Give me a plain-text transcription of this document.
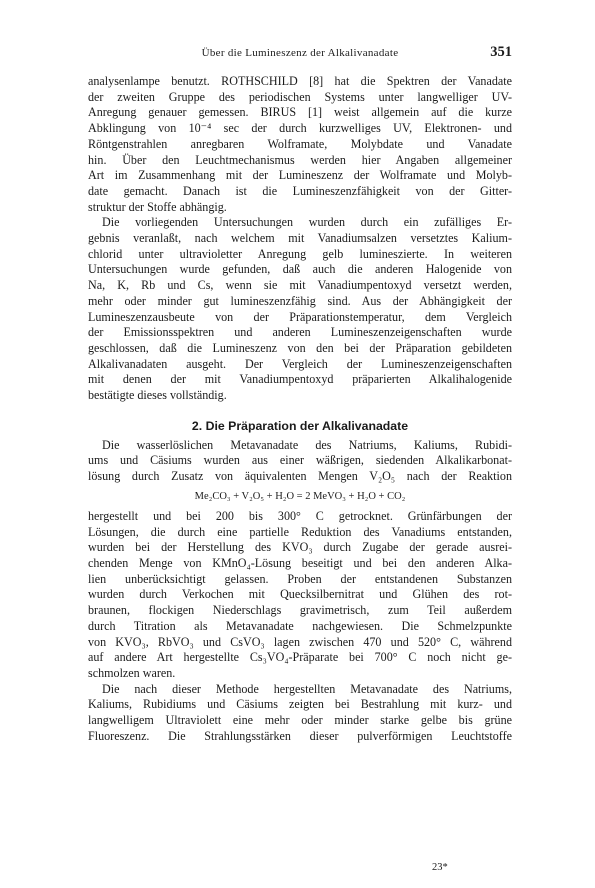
Über die Lumineszenz der Alkalivanadate	351
analysenlampe benutzt. ROTHSCHILD [8] hat die Spektren der Vanadate
der zweiten Gruppe des periodischen Systems unter langwelliger UV-
Anregung genauer gemessen. BIRUS [1] weist allgemein auf die kurze
Abklingung von 10⁻⁴ sec der durch kurzwelliges UV, Elektronen- und
Röntgenstrahlen anregbaren Wolframate, Molybdate und Vanadate
hin. Über den Leuchtmechanismus werden hier Angaben allgemeiner
Art im Zusammenhang mit der Lumineszenz der Wolframate und Molyb-
date gemacht. Danach ist die Lumineszenzfähigkeit von der Gitter-
struktur der Stoffe abhängig.
Die vorliegenden Untersuchungen wurden durch ein zufälliges Er-
gebnis veranlaßt, nach welchem mit Vanadiumsalzen versetztes Kalium-
chlorid unter ultravioletter Anregung gelb lumineszierte. In weiteren
Untersuchungen wurde gefunden, daß auch die anderen Halogenide von
Na, K, Rb und Cs, wenn sie mit Vanadiumpentoxyd versetzt werden,
mehr oder minder gut lumineszenzfähig sind. Aus der Abhängigkeit der
Lumineszenzausbeute von der Präparationstemperatur, dem Vergleich
der Emissionsspektren und anderen Lumineszenzeigenschaften wurde
geschlossen, daß die Lumineszenz von den bei der Präparation gebildeten
Alkalivanadaten ausgeht. Der Vergleich der Lumineszenzeigenschaften
mit denen der mit Vanadiumpentoxyd präparierten Alkalihalogenide
bestätigte dieses vollständig.
2. Die Präparation der Alkalivanadate
Die wasserlöslichen Metavanadate des Natriums, Kaliums, Rubidi-
ums und Cäsiums wurden aus einer wäßrigen, siedenden Alkalikarbonat-
lösung durch Zusatz von äquivalenten Mengen V₂O₅ nach der Reaktion
Me₂CO₃ + V₂O₅ + H₂O = 2 MeVO₃ + H₂O + CO₂
hergestellt und bei 200 bis 300° C getrocknet. Grünfärbungen der
Lösungen, die durch eine partielle Reduktion des Vanadiums entstanden,
wurden bei der Herstellung des KVO₃ durch Zugabe der gerade ausrei-
chenden Menge von KMnO₄-Lösung beseitigt und bei den anderen Alka-
lien unberücksichtigt gelassen. Proben der entstandenen Substanzen
wurden durch Verkochen mit Quecksilbernitrat und Glühen des rot-
braunen, flockigen Niederschlags gravimetrisch, zum Teil außerdem
durch Titration als Metavanadate nachgewiesen. Die Schmelzpunkte
von KVO₃, RbVO₃ und CsVO₃ lagen zwischen 470 und 520° C, während
auf andere Art hergestellte Cs₃VO₄-Präparate bei 700° C noch nicht ge-
schmolzen waren.
Die nach dieser Methode hergestellten Metavanadate des Natriums,
Kaliums, Rubidiums und Cäsiums zeigten bei Bestrahlung mit kurz- und
langwelligem Ultraviolett eine mehr oder minder starke gelbe bis grüne
Fluoreszenz. Die Strahlungsstärken dieser pulverförmigen Leuchtstoffe
23*
